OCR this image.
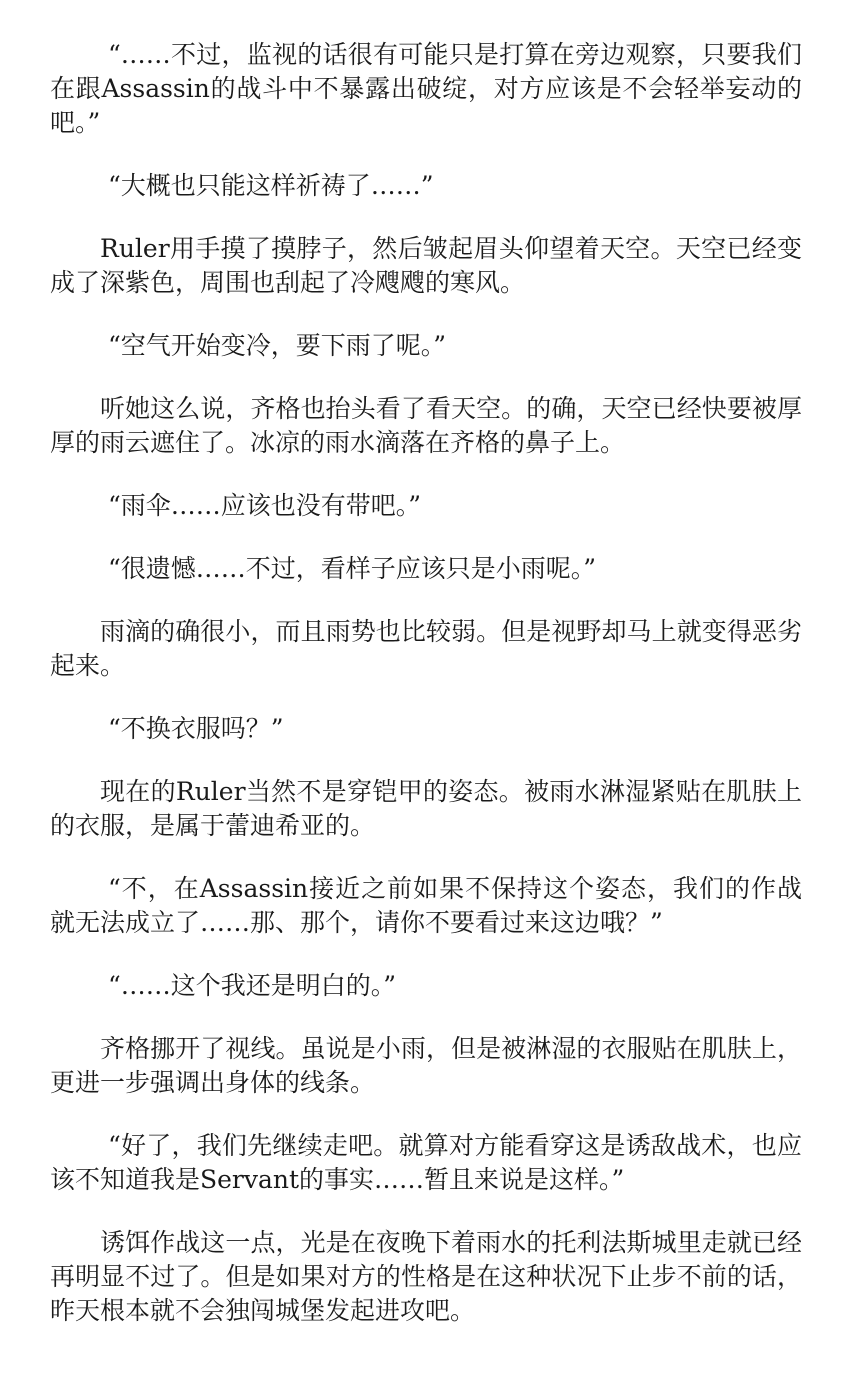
“……不过，监视的话很有可能只是打算在旁边观察，只要我们在跟Assassin的战斗中不暴露出破绽，对方应该是不会轻举妄动的吧。”

“大概也只能这样祈祷了……”

Ruler用手摸了摸脖子，然后皱起眉头仰望着天空。天空已经变成了深紫色，周围也刮起了冷飕飕的寒风。

“空气开始变冷，要下雨了呢。”

听她这么说，齐格也抬头看了看天空。的确，天空已经快要被厚厚的雨云遮住了。冰凉的雨水滴落在齐格的鼻子上。

“雨伞……应该也没有带吧。”

“很遗憾……不过，看样子应该只是小雨呢。”

雨滴的确很小，而且雨势也比较弱。但是视野却马上就变得恶劣起来。

“不换衣服吗？”

现在的Ruler当然不是穿铠甲的姿态。被雨水淋湿紧贴在肌肤上的衣服，是属于蕾迪希亚的。

“不，在Assassin接近之前如果不保持这个姿态，我们的作战就无法成立了……那、那个，请你不要看过来这边哦？”

“……这个我还是明白的。”

齐格挪开了视线。虽说是小雨，但是被淋湿的衣服贴在肌肤上，更进一步强调出身体的线条。

“好了，我们先继续走吧。就算对方能看穿这是诱敌战术，也应该不知道我是Servant的事实……暂且来说是这样。”

诱饵作战这一点，光是在夜晚下着雨水的托利法斯城里走就已经再明显不过了。但是如果对方的性格是在这种状况下止步不前的话，昨天根本就不会独闯城堡发起进攻吧。
